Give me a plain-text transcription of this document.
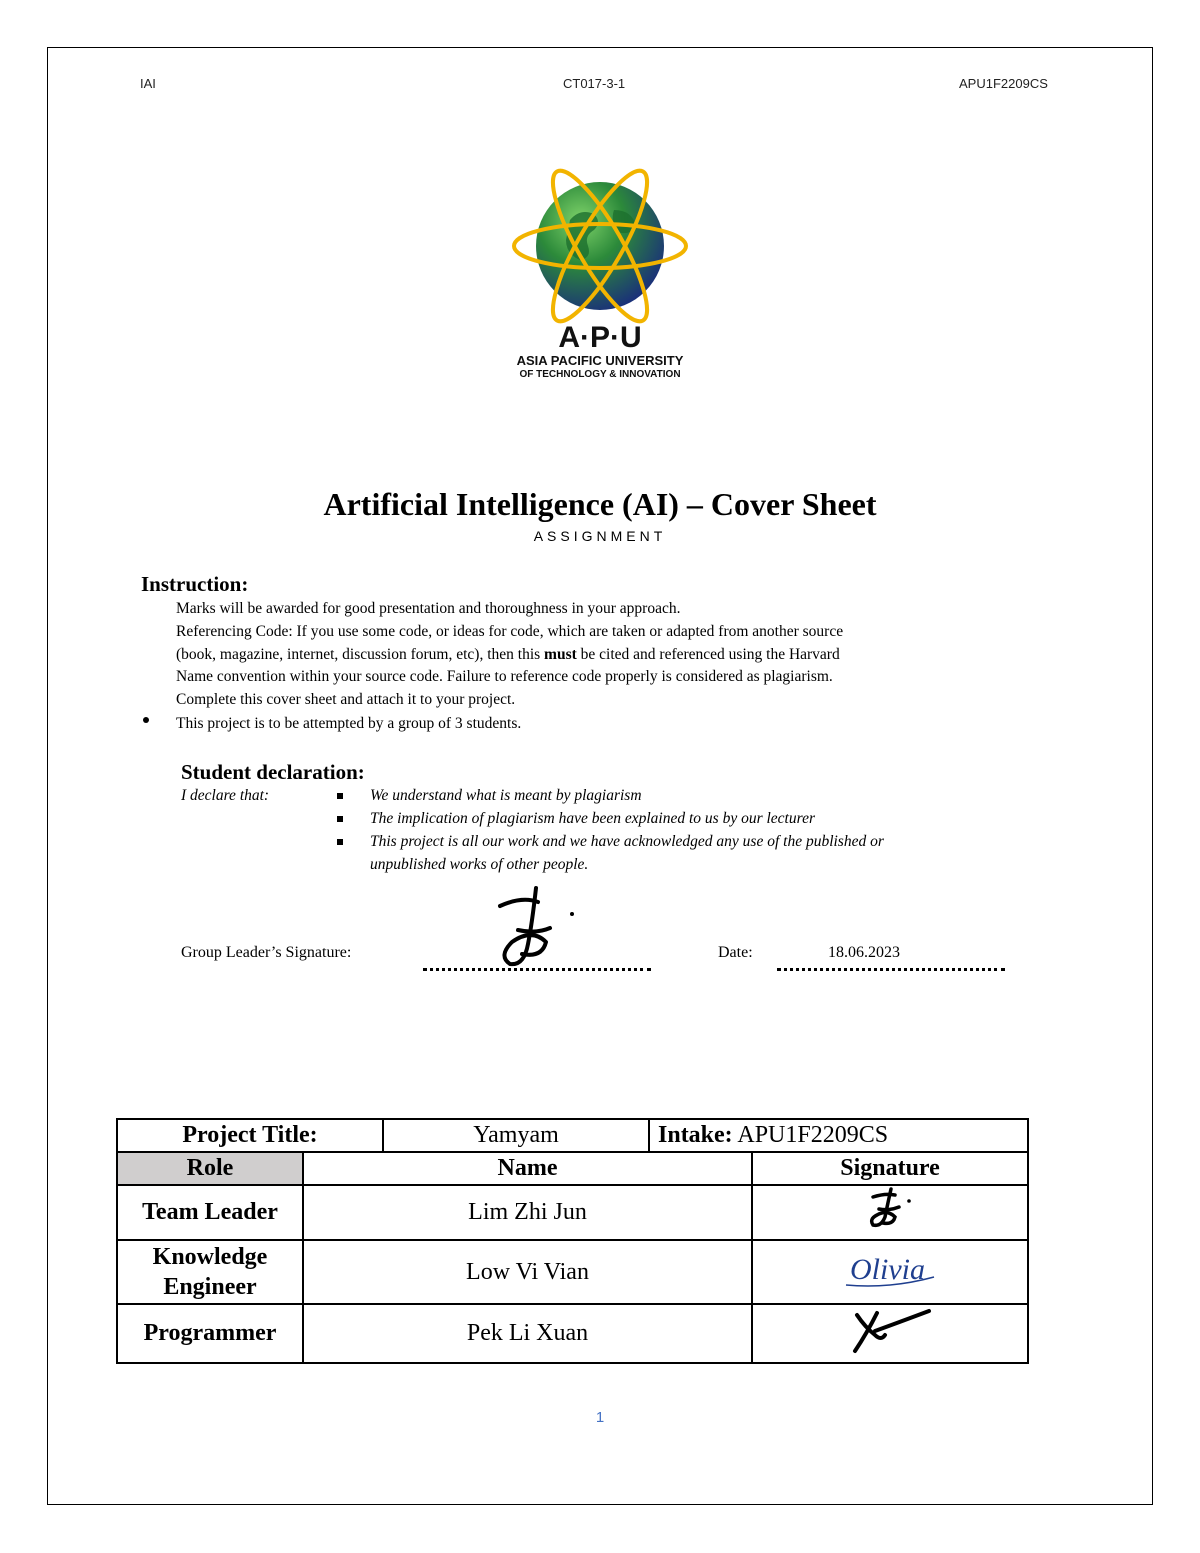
IAI	CT017-3-1	APU1F2209CS
A·P·U
ASIA PACIFIC UNIVERSITY
OF TECHNOLOGY & INNOVATION
Artificial Intelligence (AI) – Cover Sheet
ASSIGNMENT
Instruction:
Marks will be awarded for good presentation and thoroughness in your approach.
Referencing Code: If you use some code, or ideas for code, which are taken or adapted from another source
(book, magazine, internet, discussion forum, etc), then this must be cited and referenced using the Harvard
Name convention within your source code. Failure to reference code properly is considered as plagiarism.
Complete this cover sheet and attach it to your project.
This project is to be attempted by a group of 3 students.
Student declaration:
I declare that:	We understand what is meant by plagiarism
The implication of plagiarism have been explained to us by our lecturer
This project is all our work and we have acknowledged any use of the published or
unpublished works of other people.
Group Leader’s Signature:	Date:	18.06.2023
Project Title:		Yamyam	Intake: APU1F2209CS	
Role	Name			Signature
Team Leader	Lim Zhi Jun	
Knowledge Engineer	Low Vi Vian			Olivia

Programmer	Pek Li Xuan	
1
